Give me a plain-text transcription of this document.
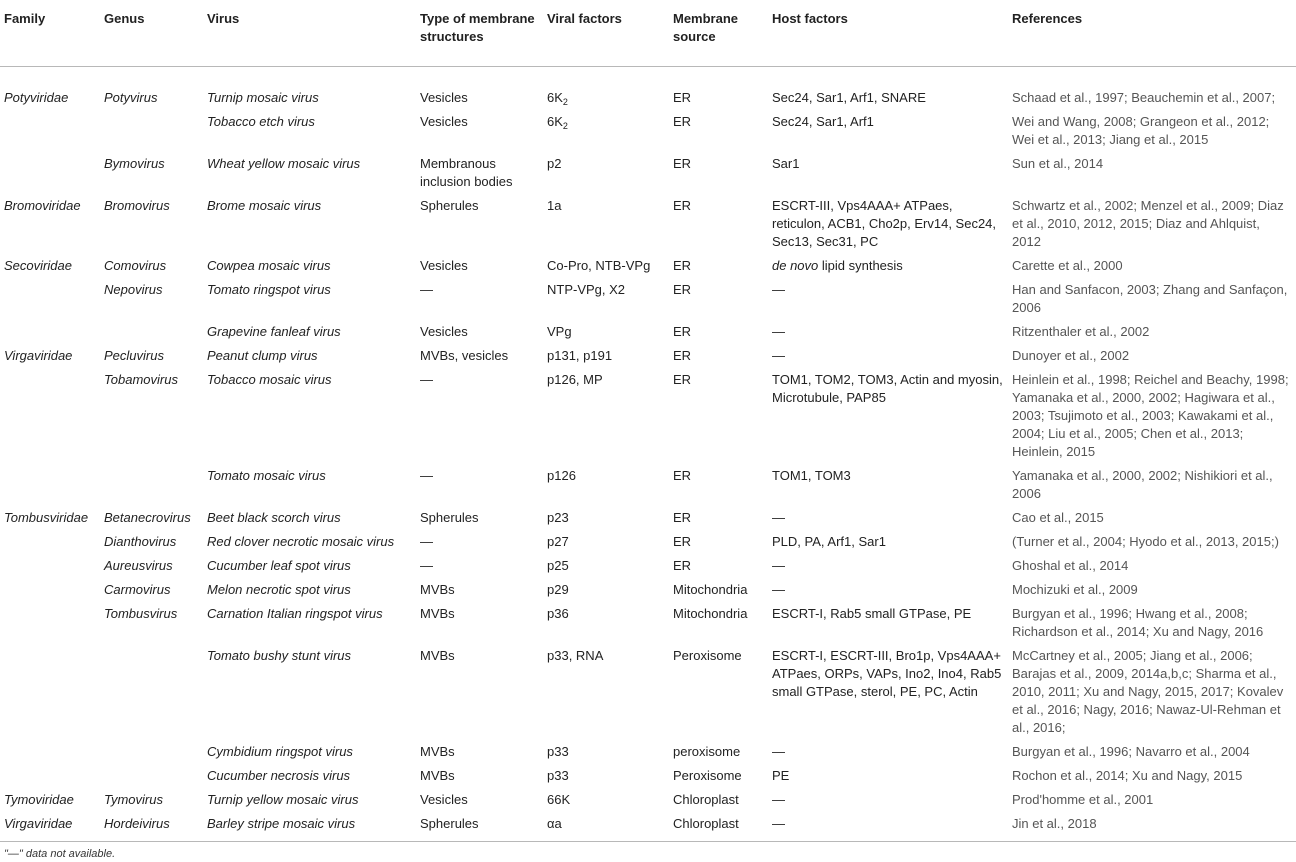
Family	Genus	Virus	Type of membrane structures	Viral factors	Membrane source	Host factors	References
Potyviridae	Potyvirus	Turnip mosaic virus	Vesicles	$6K_2$	ER	Sec24, Sar1, Arf1, SNARE	Schaad et al., 1997; Beauchemin et al., 2007;
		Tobacco etch virus	Vesicles	$6K_2$	ER	Sec24, Sar1, Arf1	Wei and Wang, 2008; Grangeon et al., 2012; Wei et al., 2013; Jiang et al., 2015
	Bymovirus	Wheat yellow mosaic virus	Membranous inclusion bodies	p2	ER	Sar1	Sun et al., 2014
Bromoviridae	Bromovirus	Brome mosaic virus	Spherules	1a	ER	ESCRT-III, Vps4AAA+ ATPaes, reticulon, ACB1, Cho2p, Erv14, Sec24, Sec13, Sec31, PC	Schwartz et al., 2002; Menzel et al., 2009; Diaz et al., 2010, 2012, 2015; Diaz and Ahlquist, 2012
Secoviridae	Comovirus	Cowpea mosaic virus	Vesicles	Co-Pro, NTB-VPg	ER	de novo lipid synthesis	Carette et al., 2000
	Nepovirus	Tomato ringspot virus	—	NTP-VPg, X2	ER	—	Han and Sanfacon, 2003; Zhang and Sanfaçon, 2006
		Grapevine fanleaf virus	Vesicles	VPg	ER	—	Ritzenthaler et al., 2002
Virgaviridae	Pecluvirus	Peanut clump virus	MVBs, vesicles	p131, p191	ER	—	Dunoyer et al., 2002
	Tobamovirus	Tobacco mosaic virus	—	p126, MP	ER	TOM1, TOM2, TOM3, Actin and myosin, Microtubule, PAP85	Heinlein et al., 1998; Reichel and Beachy, 1998; Yamanaka et al., 2000, 2002; Hagiwara et al., 2003; Tsujimoto et al., 2003; Kawakami et al., 2004; Liu et al., 2005; Chen et al., 2013; Heinlein, 2015
		Tomato mosaic virus	—	p126	ER	TOM1, TOM3	Yamanaka et al., 2000, 2002; Nishikiori et al., 2006
Tombusviridae	Betanecrovirus	Beet black scorch virus	Spherules	p23	ER	—	Cao et al., 2015
	Dianthovirus	Red clover necrotic mosaic virus	—	p27	ER	PLD, PA, Arf1, Sar1	(Turner et al., 2004; Hyodo et al., 2013, 2015;)
	Aureusvirus	Cucumber leaf spot virus	—	p25	ER	—	Ghoshal et al., 2014
	Carmovirus	Melon necrotic spot virus	MVBs	p29	Mitochondria	—	Mochizuki et al., 2009
	Tombusvirus	Carnation Italian ringspot virus	MVBs	p36	Mitochondria	ESCRT-I, Rab5 small GTPase, PE	Burgyan et al., 1996; Hwang et al., 2008; Richardson et al., 2014; Xu and Nagy, 2016
		Tomato bushy stunt virus	MVBs	p33, RNA	Peroxisome	ESCRT-I, ESCRT-III, Bro1p, Vps4AAA+ ATPaes, ORPs, VAPs, Ino2, Ino4, Rab5 small GTPase, sterol, PE, PC, Actin	McCartney et al., 2005; Jiang et al., 2006; Barajas et al., 2009, 2014a,b,c; Sharma et al., 2010, 2011; Xu and Nagy, 2015, 2017; Kovalev et al., 2016; Nagy, 2016; Nawaz-Ul-Rehman et al., 2016;
		Cymbidium ringspot virus	MVBs	p33	peroxisome	—	Burgyan et al., 1996; Navarro et al., 2004
		Cucumber necrosis virus	MVBs	p33	Peroxisome	PE	Rochon et al., 2014; Xu and Nagy, 2015
Tymoviridae	Tymovirus	Turnip yellow mosaic virus	Vesicles	66K	Chloroplast	—	Prod'homme et al., 2001
Virgaviridae	Hordeivirus	Barley stripe mosaic virus	Spherules	αa	Chloroplast	—	Jin et al., 2018
"—" data not available.
